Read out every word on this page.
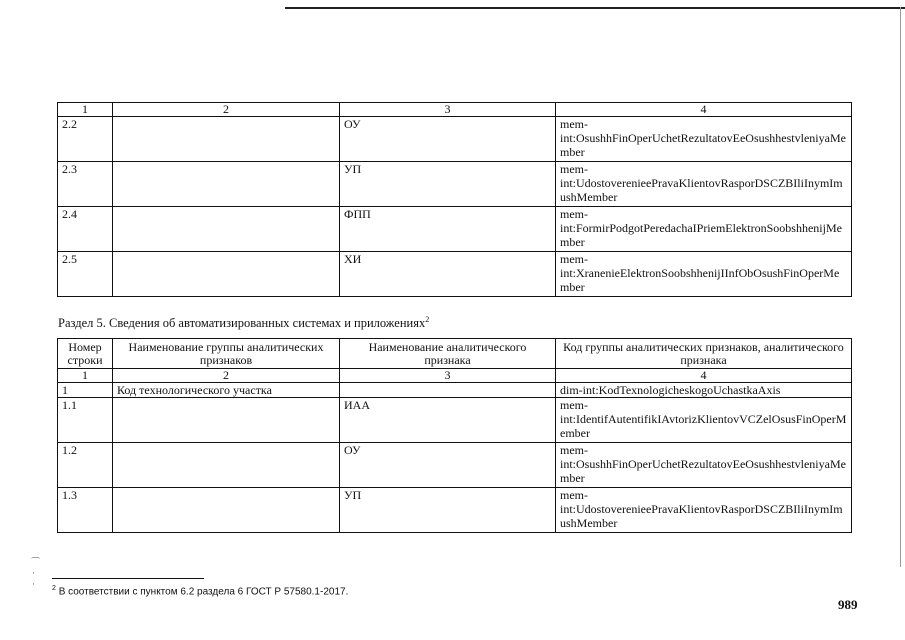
1	2	3	4
2.2		ОУ	mem-int:OsushhFinOperUchetRezultatovEeOsushhestvleniyaMember
2.3		УП	mem-int:UdostoverenieePravaKlientovRasporDSCZBIliInymImushMember
2.4		ФПП	mem-int:FormirPodgotPeredachaIPriemElektronSoobshhenijMember
2.5		ХИ	mem-int:XranenieElektronSoobshhenijIInfObOsushFinOperMember
Раздел 5. Сведения об автоматизированных системах и приложениях$^2$
Номер строки	Наименование группы аналитических признаков	Наименование аналитического признака	Код группы аналитических признаков, аналитического признака
1	2	3	4
1	Код технологического участка		dim-int:KodTexnologicheskogoUchastkaAxis
1.1		ИАА	mem-int:IdentifAutentifikIAvtorizKlientovVCZelOsusFinOperMember
1.2		ОУ	mem-int:OsushhFinOperUchetRezultatovEeOsushhestvleniyaMember
1.3		УП	mem-int:UdostoverenieePravaKlientovRasporDSCZBIliInymImushMember
⁀
·
·	$^2$ В соответствии с пунктом 6.2 раздела 6 ГОСТ Р 57580.1-2017.
989
